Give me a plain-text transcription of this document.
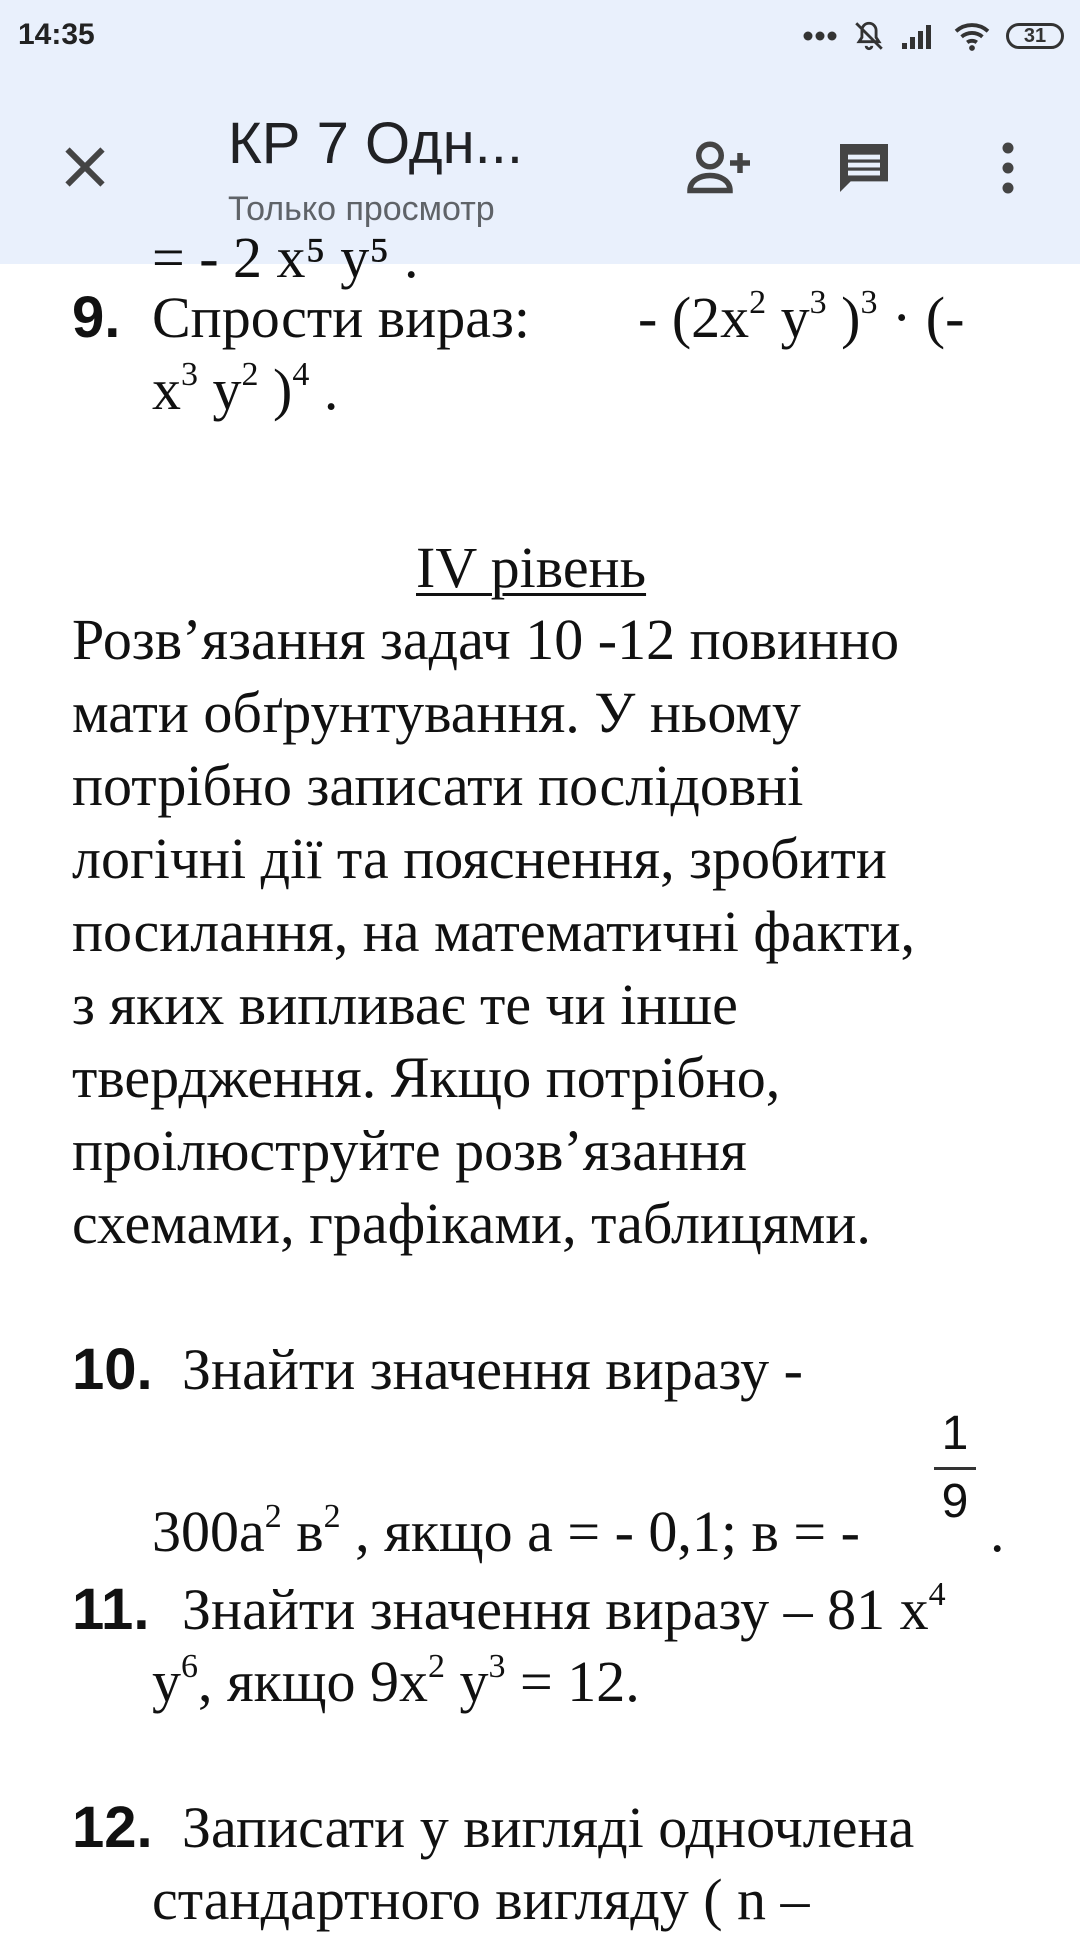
14:35	31
КР 7 Одн...
Только просмотр

= - 2 x⁵ y⁵ .

9. Спрости вираз: - ($2x^2$ $y^3$ )$^3$ · (-

$x^3$ $y^2$ )$^4$ .

IV рівень

Розв’язання задач 10 -12 повинно

мати обґрунтування. У ньому

потрібно записати послідовні

логічні дії та пояснення, зробити

посилання, на математичні факти,

з яких випливає те чи інше

твердження. Якщо потрібно,

проілюструйте розв’язання

схемами, графіками, таблицями.

10. Знайти значення виразу -

$300a^2$ $в^2$ , якщо а = - 0,1; в = -

1
9 .

11. Знайти значення виразу – 81 $x^4$

$y^6$, якщо $9x^2$ $y^3 = 12$.

12. Записати у вигляді одночлена

стандартного вигляду ( n –
